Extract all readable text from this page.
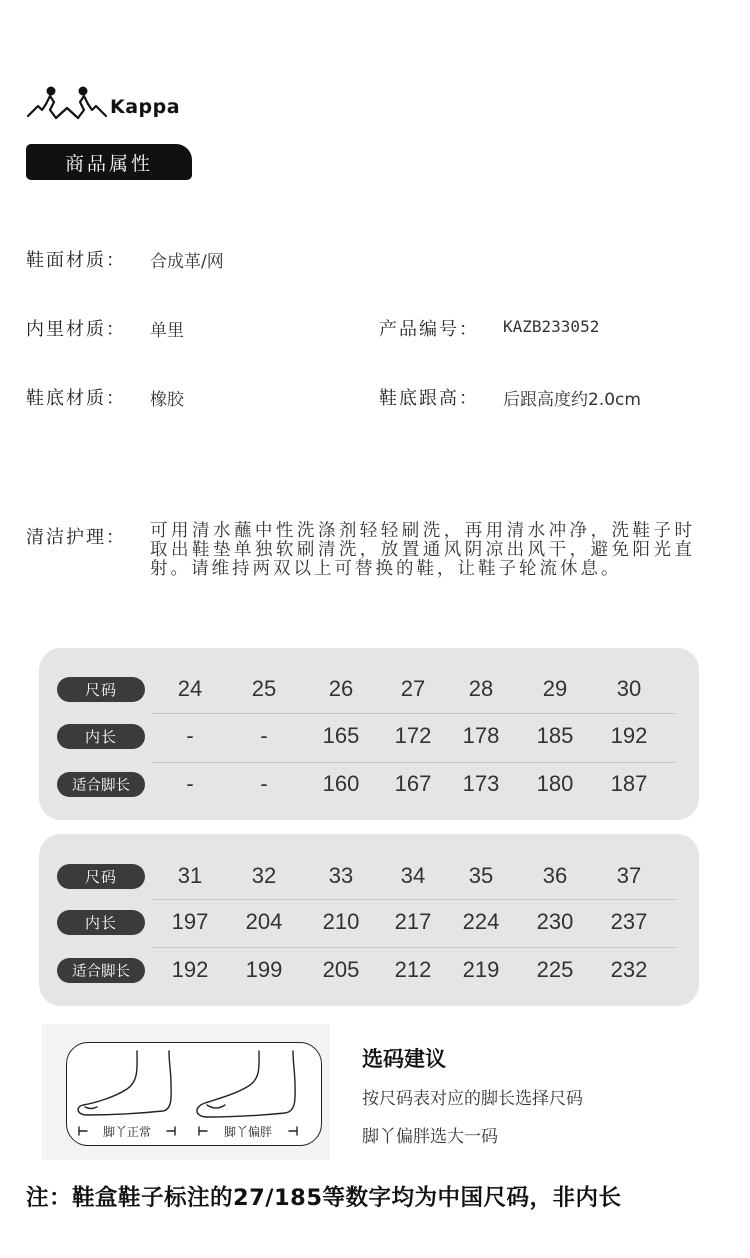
Kappa
商品属性
鞋面材质： 合成革/网
内里材质： 单里	产品编号： KAZB233052
鞋底材质： 橡胶	鞋底跟高： 后跟高度约2.0cm
清洁护理： 可用清水蘸中性洗涤剂轻轻刷洗，再用清水冲净，洗鞋子时取出鞋垫单独软刷清洗，放置通风阴凉出风干，避免阳光直射。请维持两双以上可替换的鞋，让鞋子轮流休息。
尺码	24	25	26	27	28	29	30
内长	-	-	165	172	178	185	192
适合脚长	-	-	160	167	173	180	187
尺码	31	32	33	34	35	36	37
内长	197	204	210	217	224	230	237
适合脚长	192	199	205	212	219	225	232
脚丫正常	脚丫偏胖
选码建议
按尺码表对应的脚长选择尺码
脚丫偏胖选大一码
注：鞋盒鞋子标注的27/185等数字均为中国尺码，非内长
